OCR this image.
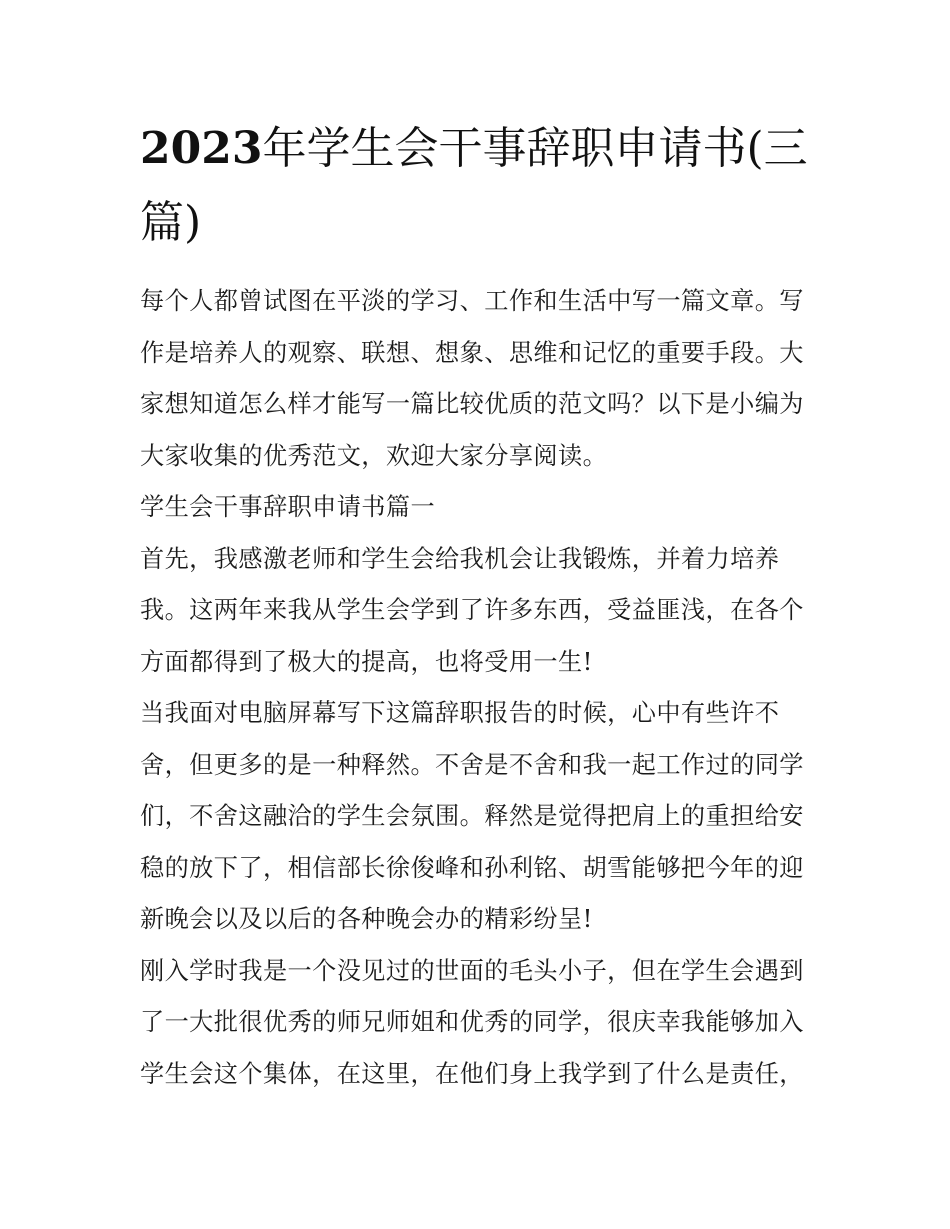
2023年学生会干事辞职申请书(三篇)

每个人都曾试图在平淡的学习、工作和生活中写一篇文章。写作是培养人的观察、联想、想象、思维和记忆的重要手段。大家想知道怎么样才能写一篇比较优质的范文吗？以下是小编为大家收集的优秀范文，欢迎大家分享阅读。

学生会干事辞职申请书篇一

首先，我感激老师和学生会给我机会让我锻炼，并着力培养我。这两年来我从学生会学到了许多东西，受益匪浅，在各个方面都得到了极大的提高，也将受用一生!

当我面对电脑屏幕写下这篇辞职报告的时候，心中有些许不舍，但更多的是一种释然。不舍是不舍和我一起工作过的同学们，不舍这融洽的学生会氛围。释然是觉得把肩上的重担给安稳的放下了，相信部长徐俊峰和孙利铭、胡雪能够把今年的迎新晚会以及以后的各种晚会办的精彩纷呈!

刚入学时我是一个没见过的世面的毛头小子，但在学生会遇到了一大批很优秀的师兄师姐和优秀的同学，很庆幸我能够加入学生会这个集体，在这里，在他们身上我学到了什么是责任，
